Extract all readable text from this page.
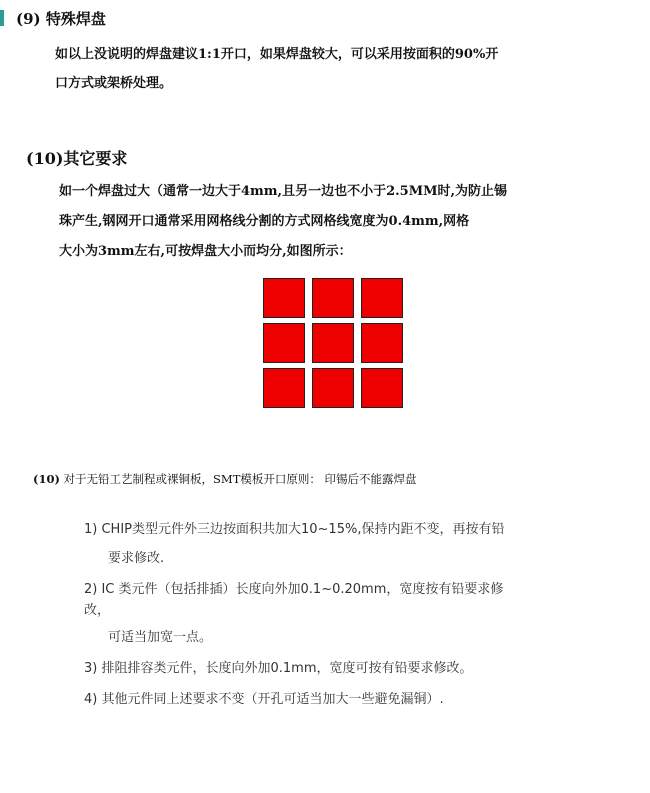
(9) 特殊焊盘
如以上没说明的焊盘建议1:1开口，如果焊盘较大，可以采用按面积的90%开
口方式或架桥处理。
(10)其它要求
如一个焊盘过大（通常一边大于4mm,且另一边也不小于2.5MM时,为防止锡
珠产生,钢网开口通常采用网格线分割的方式网格线宽度为0.4mm,网格
大小为3mm左右,可按焊盘大小而均分,如图所示：
(10) 对于无铅工艺制程或裸铜板，SMT模板开口原则： 印锡后不能露焊盘
1) CHIP类型元件外三边按面积共加大10~15%,保持内距不变，再按有铅
要求修改.
2) IC 类元件（包括排插）长度向外加0.1~0.20mm，宽度按有铅要求修
改，
可适当加宽一点。
3) 排阻排容类元件，长度向外加0.1mm，宽度可按有铅要求修改。
4) 其他元件同上述要求不变（开孔可适当加大一些避免漏铜）.
